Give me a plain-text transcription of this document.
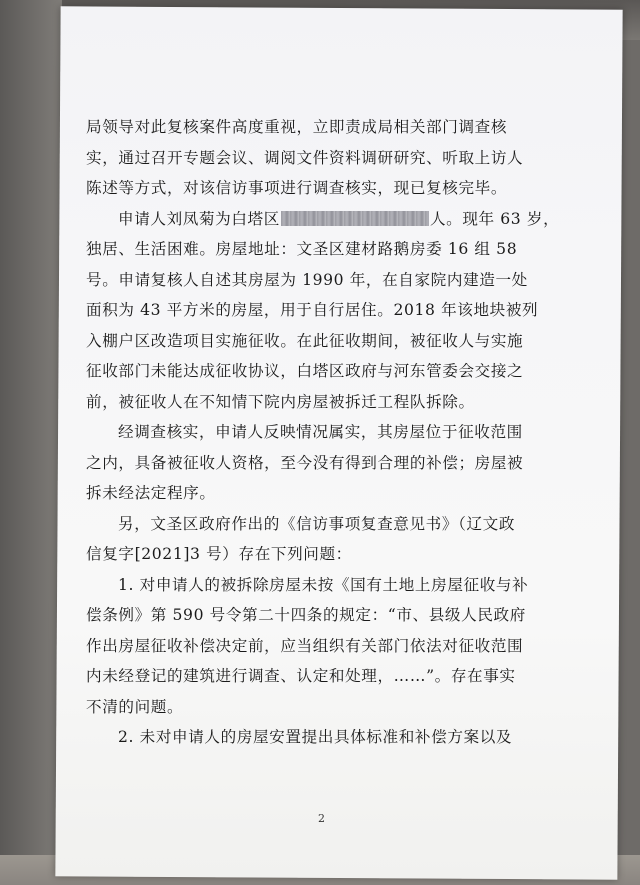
局领导对此复核案件高度重视，立即责成局相关部门调查核
实，通过召开专题会议、调阅文件资料调研研究、听取上访人
陈述等方式，对该信访事项进行调查核实，现已复核完毕。
申请人刘凤菊为白塔区	人。现年 63 岁，
独居、生活困难。房屋地址：文圣区建材路鹅房委 16 组 58
号。申请复核人自述其房屋为 1990 年，在自家院内建造一处
面积为 43 平方米的房屋，用于自行居住。2018 年该地块被列
入棚户区改造项目实施征收。在此征收期间，被征收人与实施
征收部门未能达成征收协议，白塔区政府与河东管委会交接之
前，被征收人在不知情下院内房屋被拆迁工程队拆除。
经调查核实，申请人反映情况属实，其房屋位于征收范围
之内，具备被征收人资格，至今没有得到合理的补偿；房屋被
拆未经法定程序。
另，文圣区政府作出的《信访事项复查意见书》（辽文政
信复字[2021]3 号）存在下列问题：
1. 对申请人的被拆除房屋未按《国有土地上房屋征收与补
偿条例》第 590 号令第二十四条的规定：“市、县级人民政府
作出房屋征收补偿决定前，应当组织有关部门依法对征收范围
内未经登记的建筑进行调查、认定和处理，……”。存在事实
不清的问题。
2. 未对申请人的房屋安置提出具体标准和补偿方案以及
2
